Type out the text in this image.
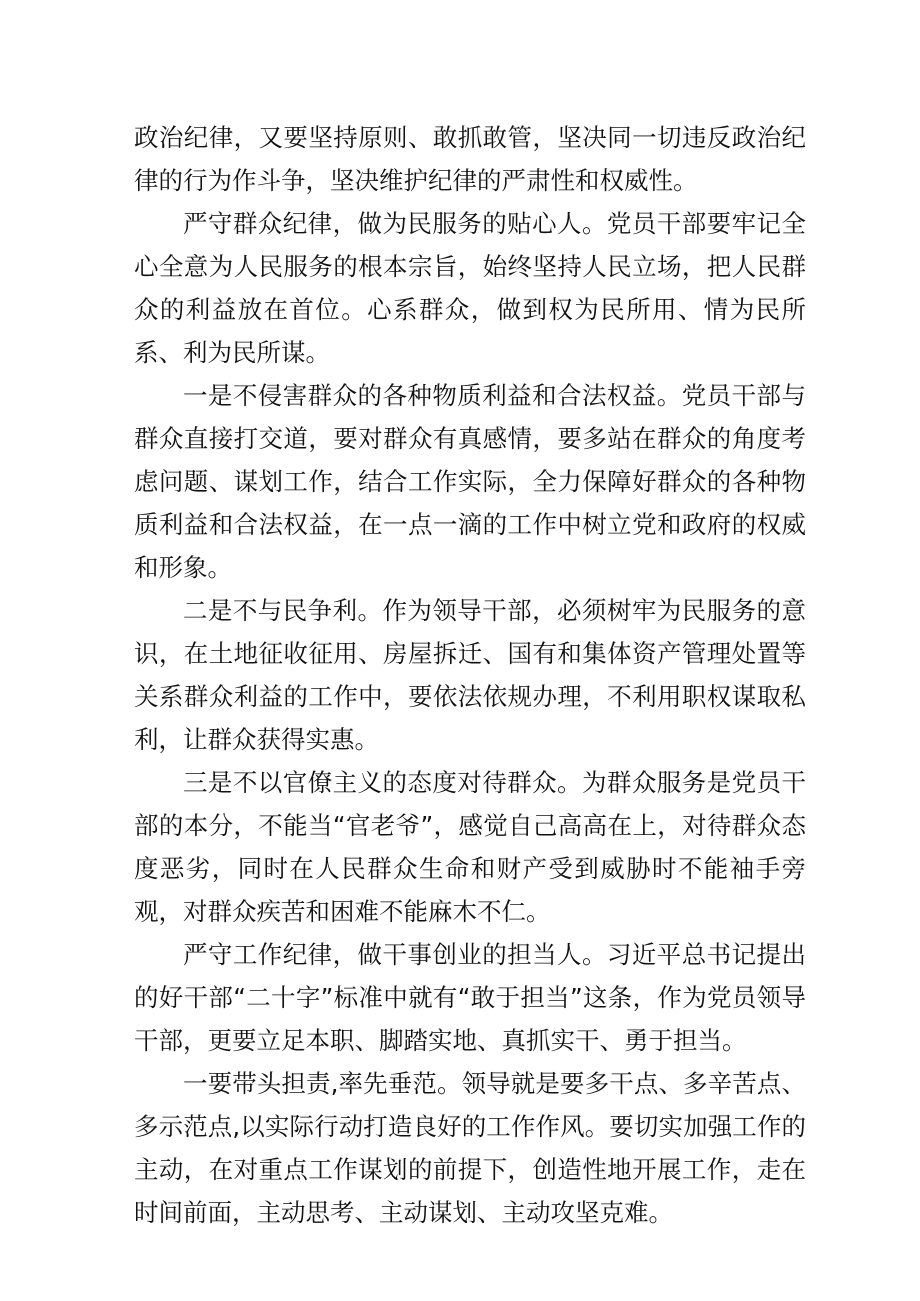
政治纪律，又要坚持原则、敢抓敢管，坚决同一切违反政治纪律的行为作斗争，坚决维护纪律的严肃性和权威性。

严守群众纪律，做为民服务的贴心人。党员干部要牢记全心全意为人民服务的根本宗旨，始终坚持人民立场，把人民群众的利益放在首位。心系群众，做到权为民所用、情为民所系、利为民所谋。

一是不侵害群众的各种物质利益和合法权益。党员干部与群众直接打交道，要对群众有真感情，要多站在群众的角度考虑问题、谋划工作，结合工作实际，全力保障好群众的各种物质利益和合法权益，在一点一滴的工作中树立党和政府的权威和形象。

二是不与民争利。作为领导干部，必须树牢为民服务的意识，在土地征收征用、房屋拆迁、国有和集体资产管理处置等关系群众利益的工作中，要依法依规办理，不利用职权谋取私利，让群众获得实惠。

三是不以官僚主义的态度对待群众。为群众服务是党员干部的本分，不能当“官老爷”，感觉自己高高在上，对待群众态度恶劣，同时在人民群众生命和财产受到威胁时不能袖手旁观，对群众疾苦和困难不能麻木不仁。

严守工作纪律，做干事创业的担当人。习近平总书记提出的好干部“二十字”标准中就有“敢于担当”这条，作为党员领导干部，更要立足本职、脚踏实地、真抓实干、勇于担当。

一要带头担责,率先垂范。领导就是要多干点、多辛苦点、多示范点,以实际行动打造良好的工作作风。要切实加强工作的主动，在对重点工作谋划的前提下，创造性地开展工作，走在时间前面，主动思考、主动谋划、主动攻坚克难。
